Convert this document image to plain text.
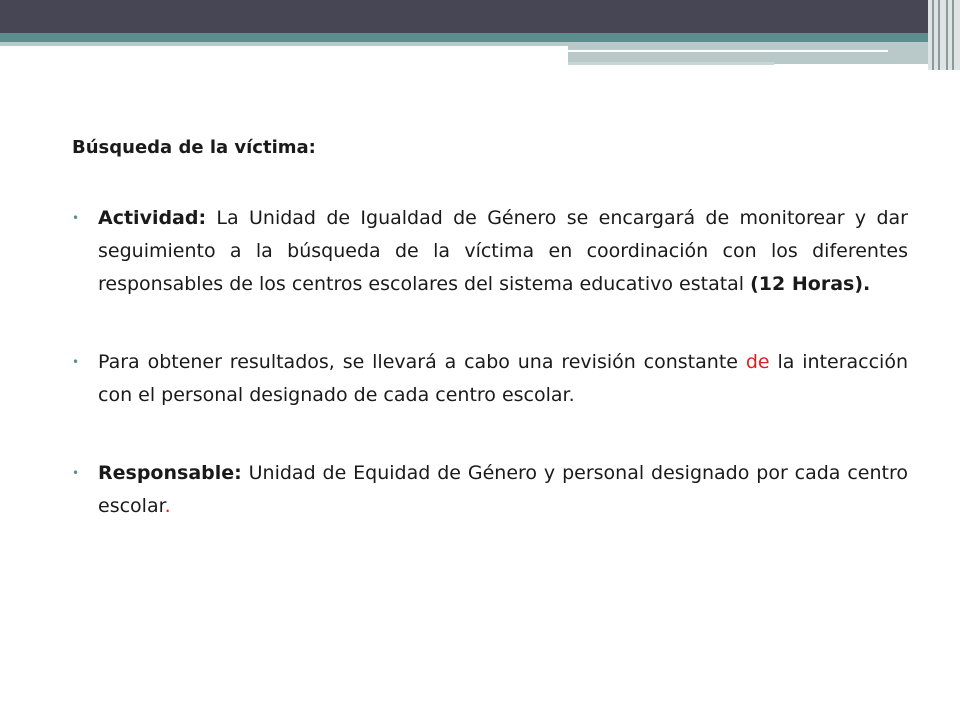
Búsqueda de la víctima:
• Actividad: La Unidad de Igualdad de Género se encargará de monitorear y dar seguimiento a la búsqueda de la víctima en coordinación con los diferentes responsables de los centros escolares del sistema educativo estatal (12 Horas).
• Para obtener resultados, se llevará a cabo una revisión constante de la interacción con el personal designado de cada centro escolar.
• Responsable: Unidad de Equidad de Género y personal designado por cada centro escolar.
